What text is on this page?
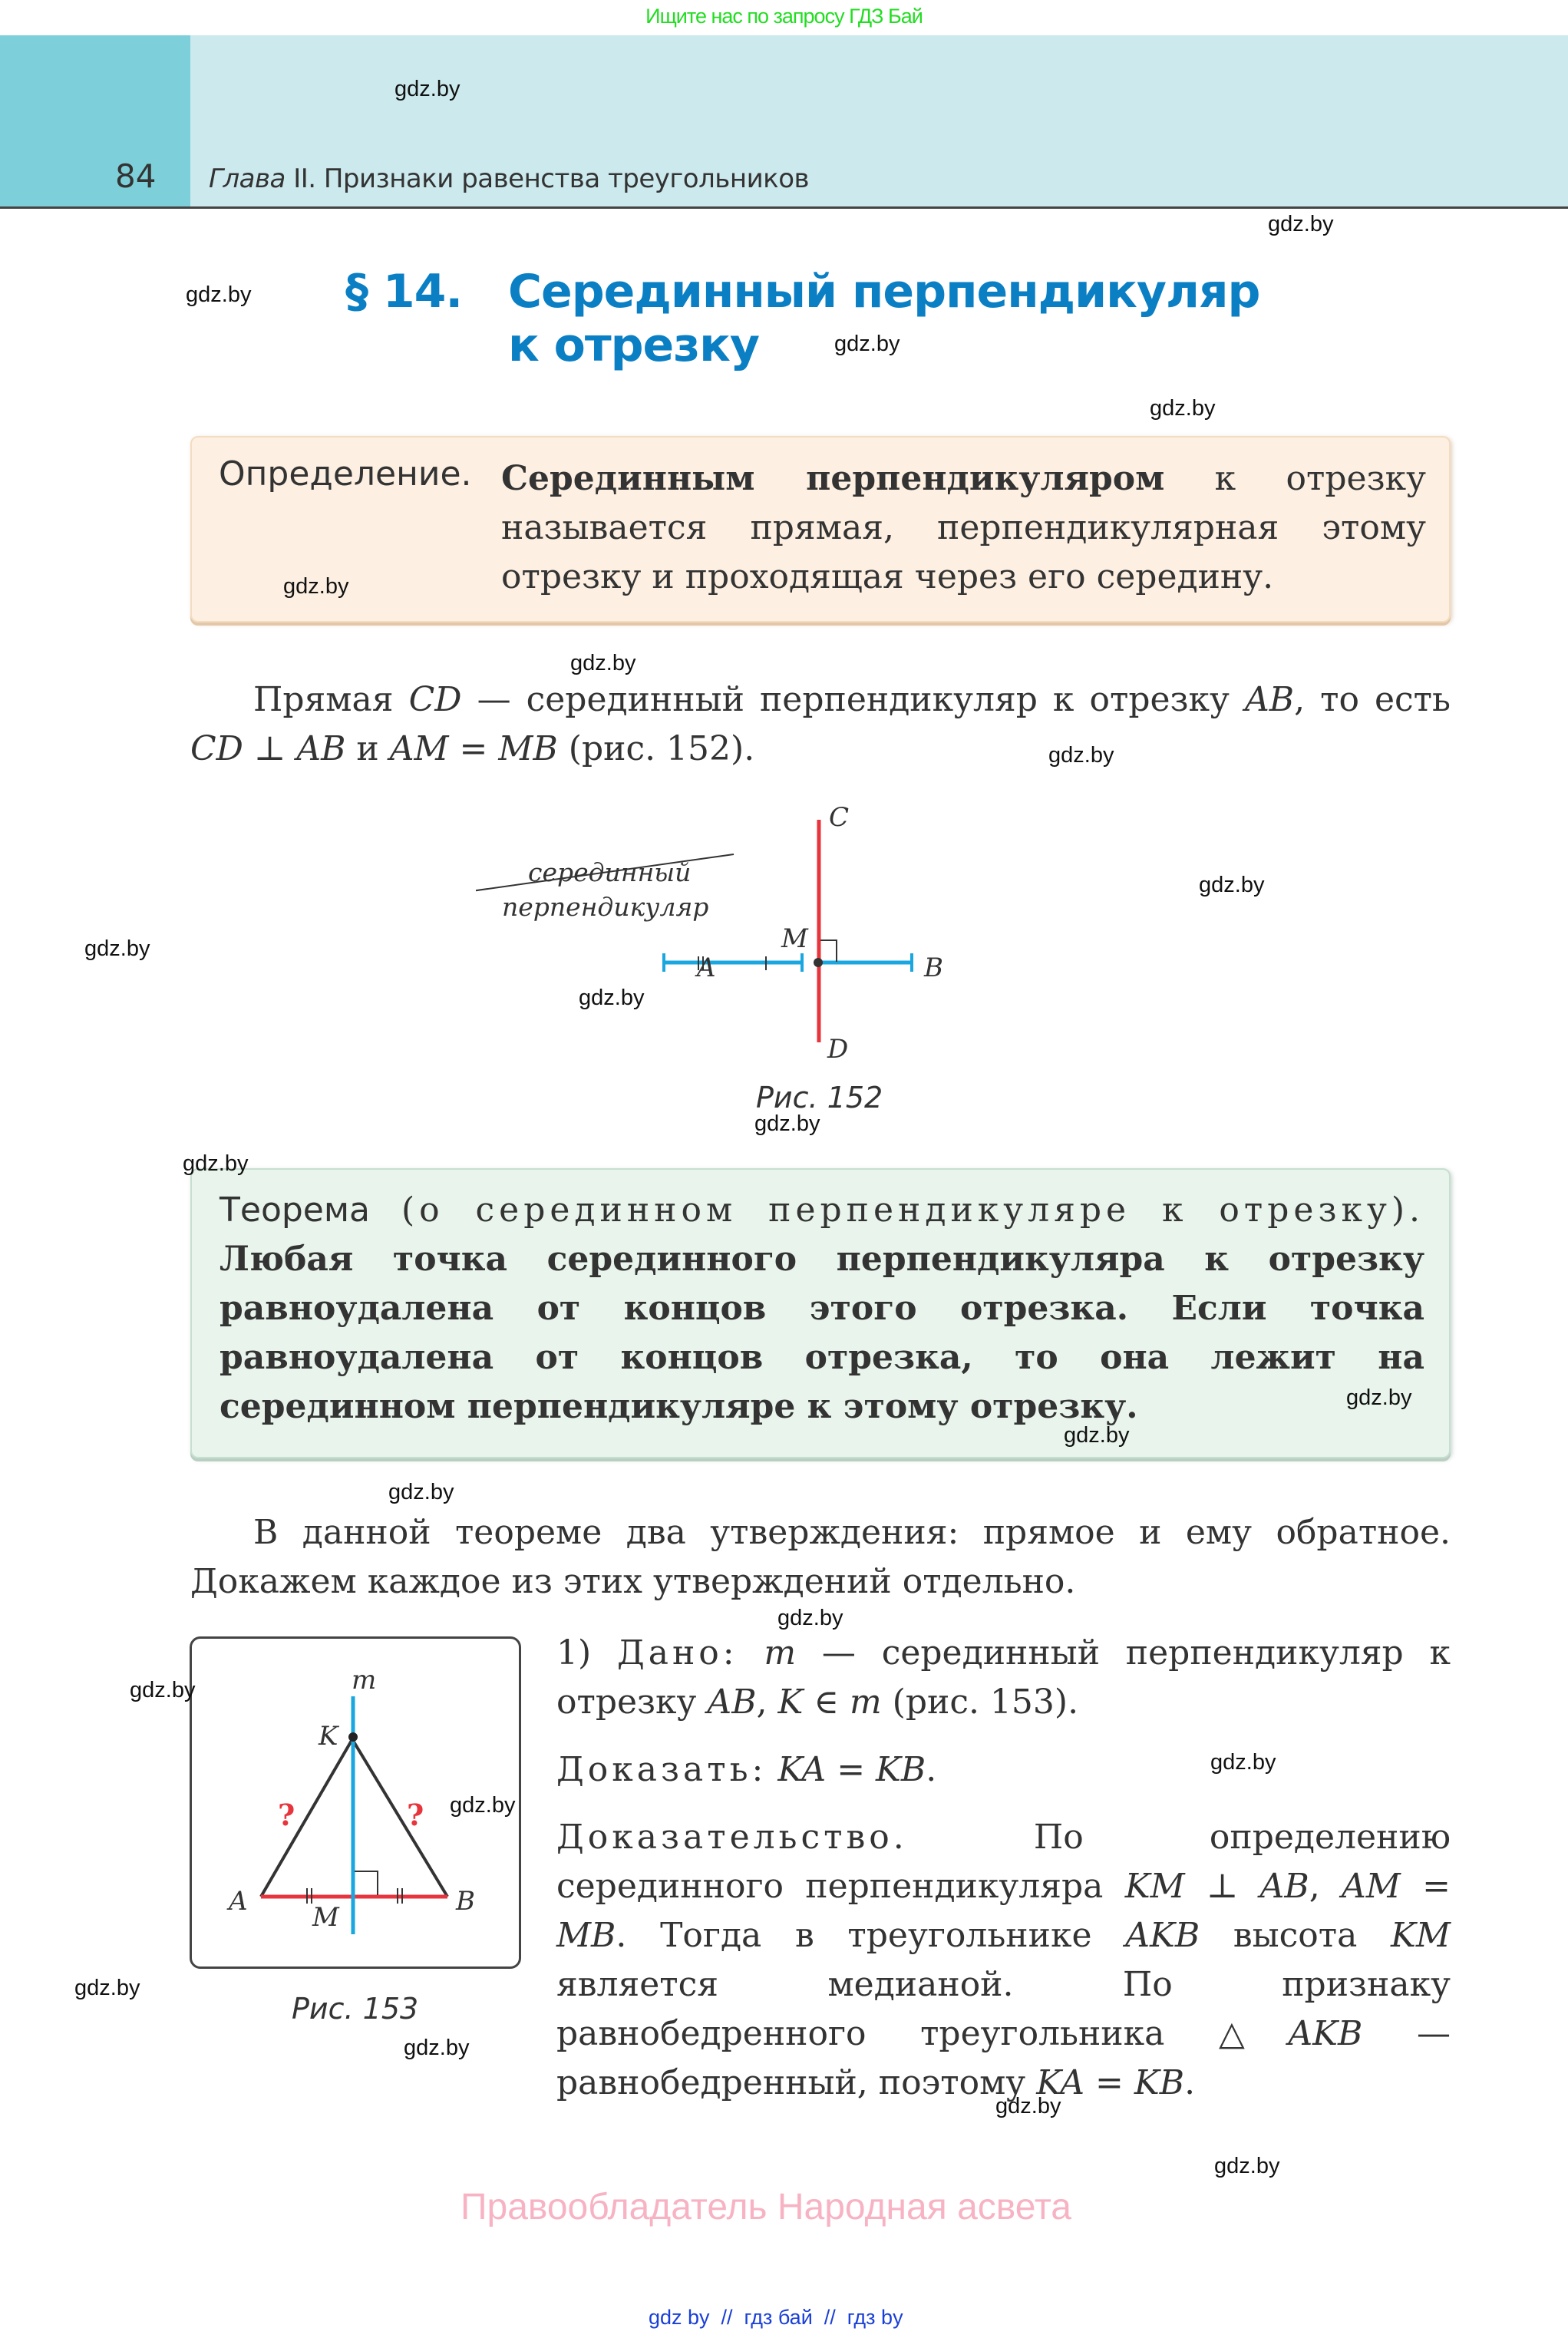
Ищите нас по запросу ГДЗ Бай
84 Глава II. Признаки равенства треугольников
§ 14. Серединный перпендикуляр
к отрезку
Определение. Серединным перпендикуляром к отрезку называется прямая, перпендикулярная этому отрезку и проходящая через его середину.
Прямая CD — серединный перпендикуляр к отрезку AB, то есть CD ⊥ AB и AM = MB (рис. 152).
C
D
A	B
M
серединный
перпендикуляр
Рис. 152
Теорема (о серединном перпендикуляре к отрезку). Любая точка серединного перпендикуляра к отрезку равноудалена от концов этого отрезка. Если точка равноудалена от концов отрезка, то она лежит на серединном перпендикуляре к этому отрезку.
В данной теореме два утверждения: прямое и ему обратное. Докажем каждое из этих утверждений отдельно.
m
K
A	B
M
?	?
Рис. 153
1) Дано: m — серединный перпендикуляр к отрезку AB, K ∈ m (рис. 153).
Доказать: KA = KB.
Доказательство. По определению серединного перпендикуляра KM ⊥ AB, AM = MB. Тогда в треугольнике AKB высота KM является медианой. По признаку равнобедренного треугольника △AKB — равнобедренный, поэтому KA = KB.
gdz.by
gdz.by
gdz.by
gdz.by
gdz.by
gdz.by
gdz.by
gdz.by
gdz.by
gdz.by
gdz.by
gdz.by
gdz.by
gdz.by
gdz.by
gdz.by
gdz.by
gdz.by
gdz.by
gdz.by
gdz.by
gdz.by
gdz.by
gdz.by
Правообладатель Народная асвета
gdz by  //  гдз бай  //  гдз by
